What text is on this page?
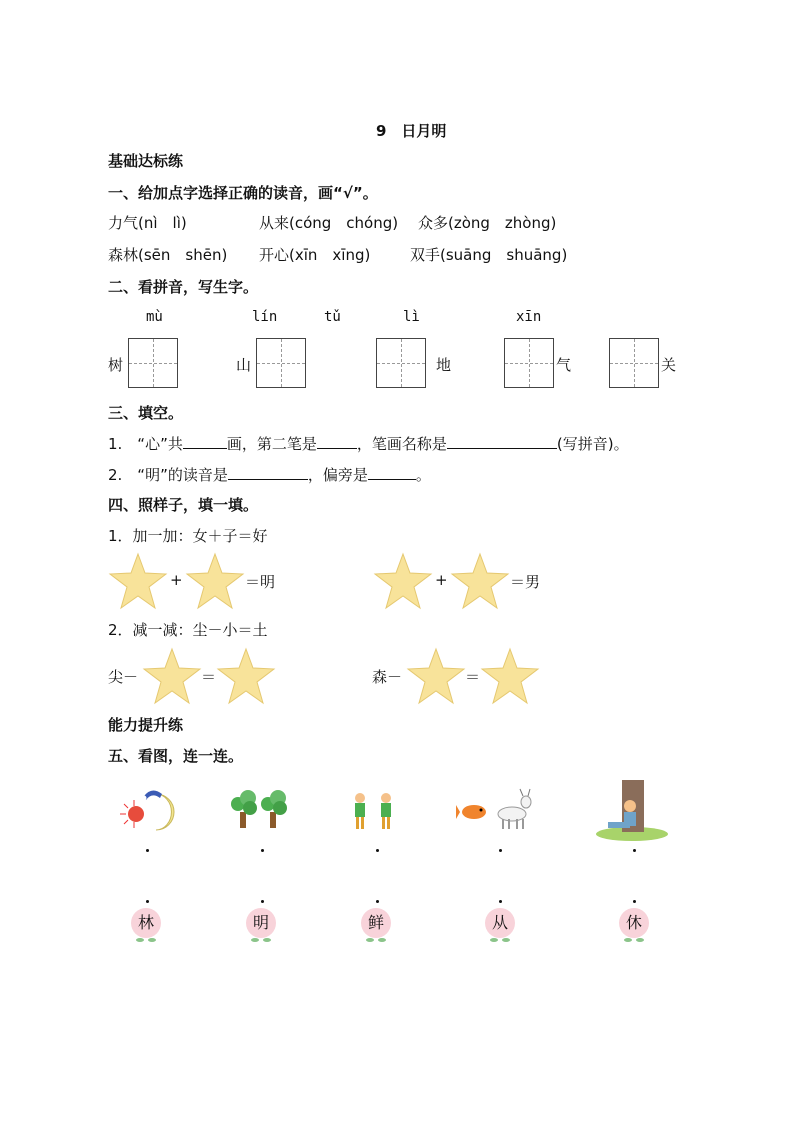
9　日月明
基础达标练
一、给加点字选择正确的读音，画“√”。
力气(nì　lì)	从来(cóng　chóng) 众多(zòng　zhòng)
森林(sēn　shēn) 开心(xīn　xīng)	双手(suāng　shuāng)
二、看拼音，写生字。
mù	lín	tǔ	lì	xīn
树	山	地	气	关
三、填空。
1.　“心”共	画，第二笔是	，笔画名称是	(写拼音)。
2.　“明”的读音是	，偏旁是	。
四、照样子，填一填。
1．加一加：女＋子＝好
+	＝明	+	＝男
2．减一减：尘－小＝土
尖－	＝	森－	＝
能力提升练
五、看图，连一连。
林	明	鲜	从	休
